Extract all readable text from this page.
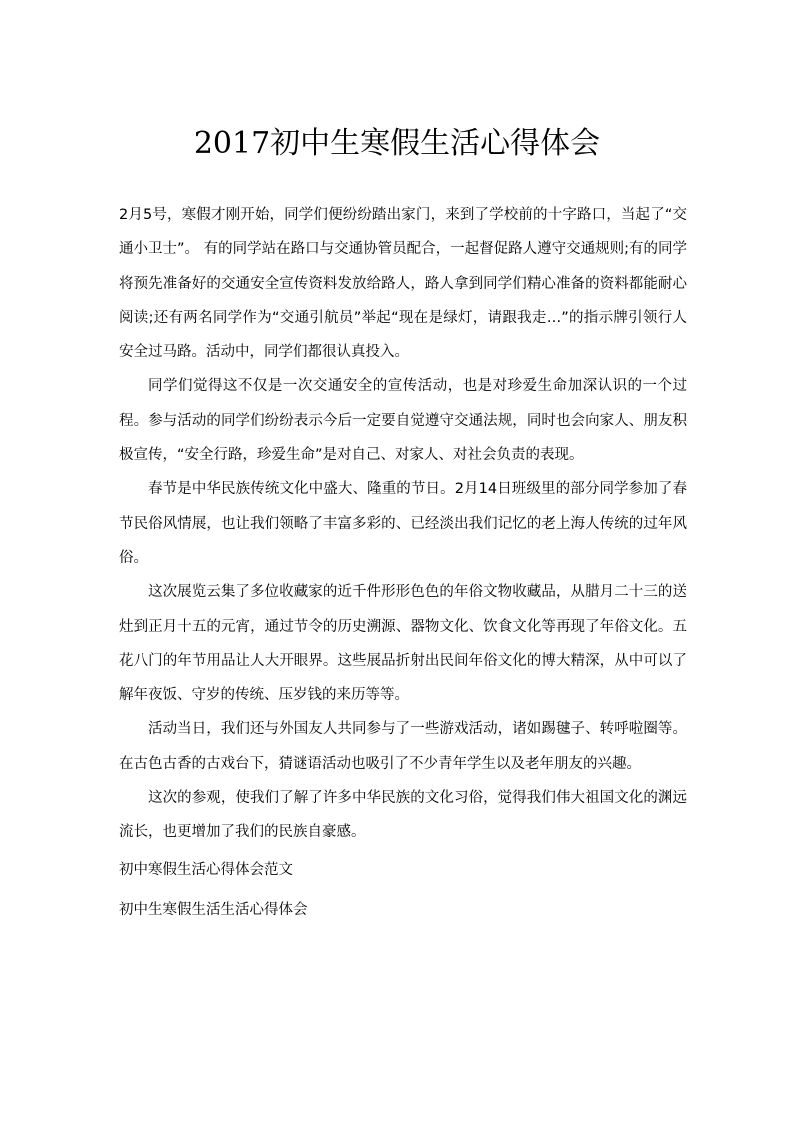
2017初中生寒假生活心得体会

2月5号，寒假才刚开始，同学们便纷纷踏出家门，来到了学校前的十字路口，当起了“交通小卫士”。 有的同学站在路口与交通协管员配合，一起督促路人遵守交通规则;有的同学将预先准备好的交通安全宣传资料发放给路人，路人拿到同学们精心准备的资料都能耐心阅读;还有两名同学作为“交通引航员”举起“现在是绿灯，请跟我走…”的指示牌引领行人安全过马路。活动中，同学们都很认真投入。

同学们觉得这不仅是一次交通安全的宣传活动，也是对珍爱生命加深认识的一个过程。参与活动的同学们纷纷表示今后一定要自觉遵守交通法规，同时也会向家人、朋友积极宣传，“安全行路，珍爱生命”是对自己、对家人、对社会负责的表现。

春节是中华民族传统文化中盛大、隆重的节日。2月14日班级里的部分同学参加了春节民俗风情展，也让我们领略了丰富多彩的、已经淡出我们记忆的老上海人传统的过年风俗。

这次展览云集了多位收藏家的近千件形形色色的年俗文物收藏品，从腊月二十三的送灶到正月十五的元宵，通过节令的历史溯源、器物文化、饮食文化等再现了年俗文化。五花八门的年节用品让人大开眼界。这些展品折射出民间年俗文化的博大精深，从中可以了解年夜饭、守岁的传统、压岁钱的来历等等。

活动当日，我们还与外国友人共同参与了一些游戏活动，诸如踢毽子、转呼啦圈等。在古色古香的古戏台下，猜谜语活动也吸引了不少青年学生以及老年朋友的兴趣。

这次的参观，使我们了解了许多中华民族的文化习俗，觉得我们伟大祖国文化的渊远流长，也更增加了我们的民族自豪感。

初中寒假生活心得体会范文

初中生寒假生活生活心得体会
